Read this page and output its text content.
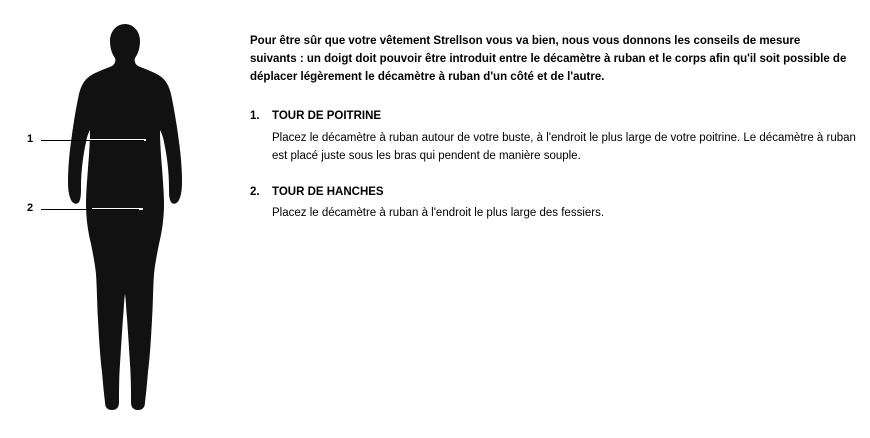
1
2

Pour être sûr que votre vêtement Strellson vous va bien, nous vous donnons les conseils de mesure suivants : un doigt doit pouvoir être introduit entre le décamètre à ruban et le corps afin qu'il soit possible de déplacer légèrement le décamètre à ruban d'un côté et de l'autre.

1.	TOUR DE POITRINE
Placez le décamètre à ruban autour de votre buste, à l'endroit le plus large de votre poitrine. Le décamètre à ruban est placé juste sous les bras qui pendent de manière souple.
2.	TOUR DE HANCHES
Placez le décamètre à ruban à l'endroit le plus large des fessiers.
